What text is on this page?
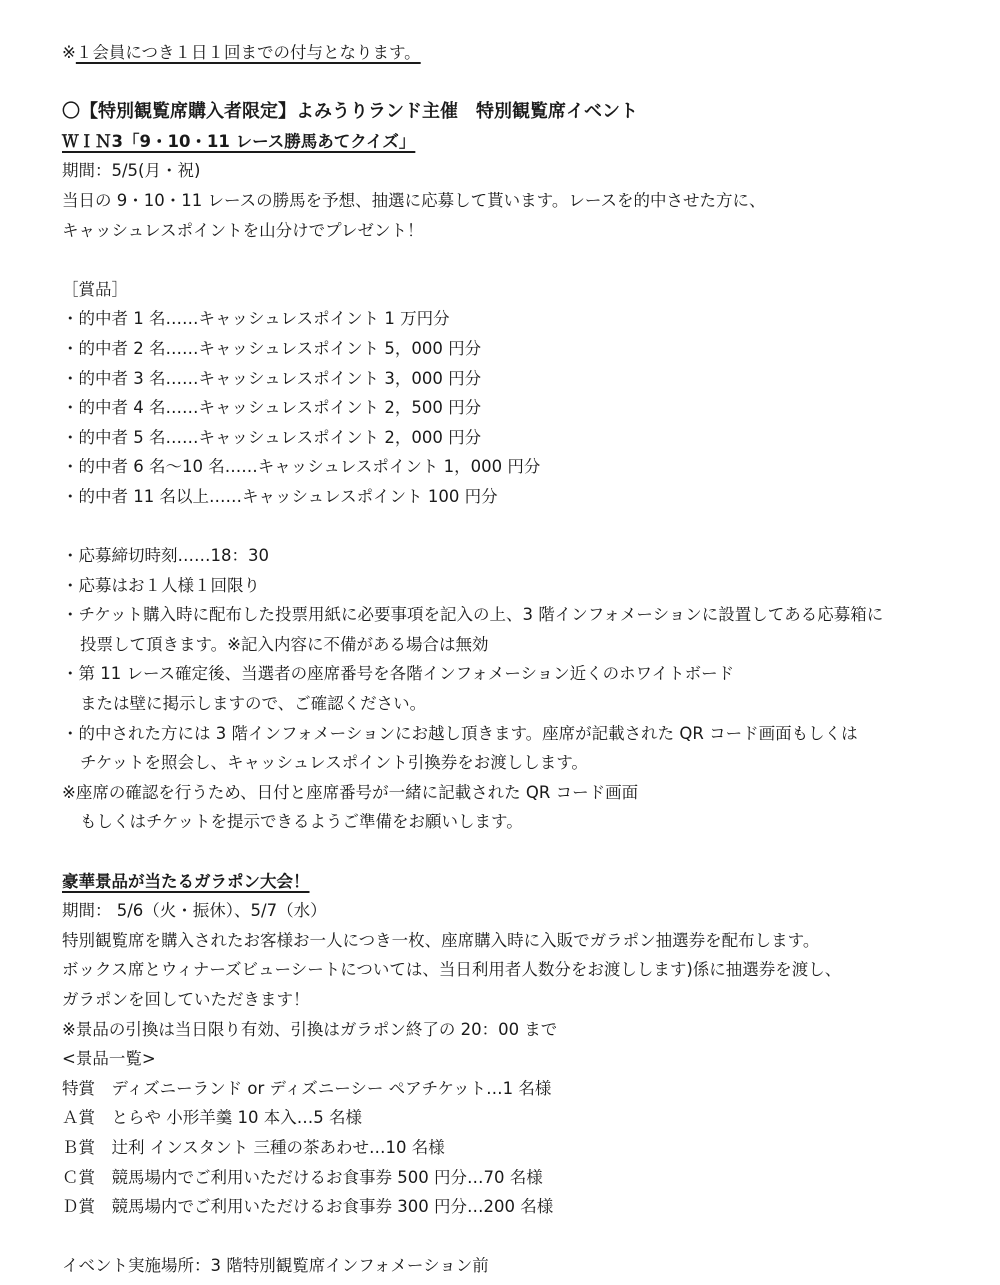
※１会員につき１日１回までの付与となります。
〇【特別観覧席購入者限定】よみうりランド主催　特別観覧席イベント
ＷＩＮ3「9・10・11 レース勝馬あてクイズ」
期間：5/5(月・祝)
当日の 9・10・11 レースの勝馬を予想、抽選に応募して貰います。レースを的中させた方に、
キャッシュレスポイントを山分けでプレゼント！
［賞品］
・的中者 1 名……キャッシュレスポイント 1 万円分
・的中者 2 名……キャッシュレスポイント 5，000 円分
・的中者 3 名……キャッシュレスポイント 3，000 円分
・的中者 4 名……キャッシュレスポイント 2，500 円分
・的中者 5 名……キャッシュレスポイント 2，000 円分
・的中者 6 名～10 名……キャッシュレスポイント 1，000 円分
・的中者 11 名以上……キャッシュレスポイント 100 円分
・応募締切時刻……18：30
・応募はお１人様１回限り
・チケット購入時に配布した投票用紙に必要事項を記入の上、3 階インフォメーションに設置してある応募箱に
投票して頂きます。※記入内容に不備がある場合は無効
・第 11 レース確定後、当選者の座席番号を各階インフォメーション近くのホワイトボード
または壁に掲示しますので、ご確認ください。
・的中された方には 3 階インフォメーションにお越し頂きます。座席が記載された QR コード画面もしくは
チケットを照会し、キャッシュレスポイント引換券をお渡しします。
※座席の確認を行うため、日付と座席番号が一緒に記載された QR コード画面
もしくはチケットを提示できるようご準備をお願いします。
豪華景品が当たるガラポン大会！
期間： 5/6（火・振休）、5/7（水）
特別観覧席を購入されたお客様お一人につき一枚、座席購入時に入販でガラポン抽選券を配布します。
ボックス席とウィナーズビューシートについては、当日利用者人数分をお渡しします)係に抽選券を渡し、
ガラポンを回していただきます！
※景品の引換は当日限り有効、引換はガラポン終了の 20：00 まで
<景品一覧>
特賞　ディズニーランド or ディズニーシー ペアチケット…1 名様
Ａ賞　とらや 小形羊羹 10 本入…5 名様
Ｂ賞　辻利 インスタント 三種の茶あわせ…10 名様
Ｃ賞　競馬場内でご利用いただけるお食事券 500 円分…70 名様
Ｄ賞　競馬場内でご利用いただけるお食事券 300 円分…200 名様
イベント実施場所：3 階特別観覧席インフォメーション前
